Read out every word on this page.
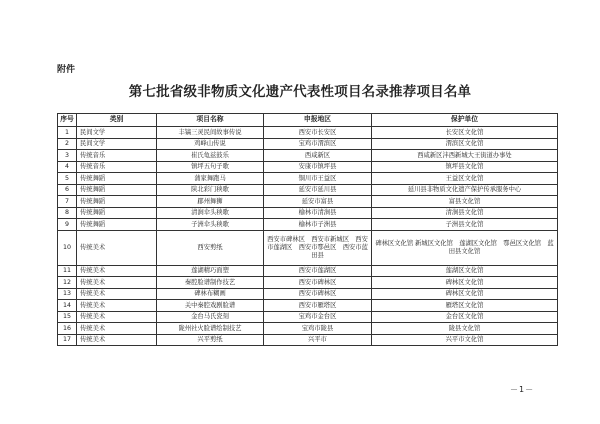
附件
第七批省级非物质文化遗产代表性项目名录推荐项目名单
序号	类别	项目名称	申报地区	保护单位
1	民间文学	丰镐三灵民间故事传说	西安市长安区	长安区文化馆
2	民间文学	鸡峰山传说	宝鸡市渭滨区	渭滨区文化馆
3	传统音乐	崔氏龟兹鼓乐	西咸新区	西咸新区沣西新城大王街道办事处
4	传统音乐	镇坪五句子歌	安康市镇坪县	镇坪县文化馆
5	传统舞蹈	蒲家舞跑马	铜川市王益区	王益区文化馆
6	传统舞蹈	陕北彩门秧歌	延安市延川县	延川县非物质文化遗产保护传承服务中心
7	传统舞蹈	郿州舞狮	延安市富县	富县文化馆
8	传统舞蹈	清涧伞头秧歌	榆林市清涧县	清涧县文化馆
9	传统舞蹈	子洲伞头秧歌	榆林市子洲县	子洲县文化馆
10	传统美术	西安剪纸	西安市碑林区　西安市新城区　西安市莲湖区　西安市鄠邑区　西安市蓝田县	碑林区文化馆 新城区文化馆　莲湖区文化馆　鄠邑区文化馆　蓝田县文化馆
11	传统美术	莲湖精巧面塑	西安市莲湖区	莲湖区文化馆
12	传统美术	秦腔脸谱制作技艺	西安市碑林区	碑林区文化馆
13	传统美术	碑林布糊画	西安市碑林区	碑林区文化馆
14	传统美术	关中秦腔戏剧脸谱	西安市雁塔区	雁塔区文化馆
15	传统美术	金台马氏瓷刻	宝鸡市金台区	金台区文化馆
16	传统美术	陇州社火脸谱绘制技艺	宝鸡市陇县	陇县文化馆
17	传统美术	兴平剪纸	兴平市	兴平市文化馆
－1－
